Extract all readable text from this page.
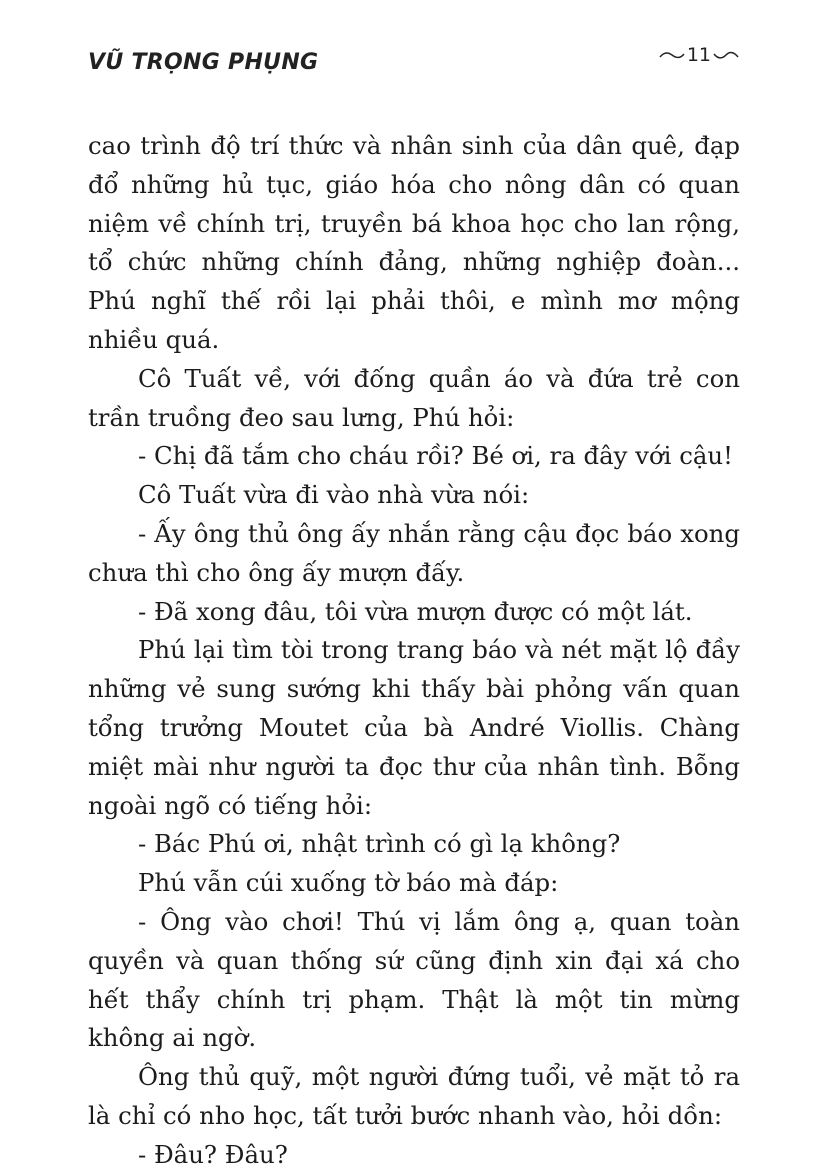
VŨ TRỌNG PHỤNG	11

cao trình độ trí thức và nhân sinh của dân quê, đạp đổ những hủ tục, giáo hóa cho nông dân có quan niệm về chính trị, truyền bá khoa học cho lan rộng, tổ chức những chính đảng, những nghiệp đoàn... Phú nghĩ thế rồi lại phải thôi, e mình mơ mộng nhiều quá.

Cô Tuất về, với đống quần áo và đứa trẻ con trần truồng đeo sau lưng, Phú hỏi:

- Chị đã tắm cho cháu rồi? Bé ơi, ra đây với cậu!

Cô Tuất vừa đi vào nhà vừa nói:

- Ấy ông thủ ông ấy nhắn rằng cậu đọc báo xong chưa thì cho ông ấy mượn đấy.

- Đã xong đâu, tôi vừa mượn được có một lát.

Phú lại tìm tòi trong trang báo và nét mặt lộ đầy những vẻ sung sướng khi thấy bài phỏng vấn quan tổng trưởng Moutet của bà André Viollis. Chàng miệt mài như người ta đọc thư của nhân tình. Bỗng ngoài ngõ có tiếng hỏi:

- Bác Phú ơi, nhật trình có gì lạ không?

Phú vẫn cúi xuống tờ báo mà đáp:

- Ông vào chơi! Thú vị lắm ông ạ, quan toàn quyền và quan thống sứ cũng định xin đại xá cho hết thẩy chính trị phạm. Thật là một tin mừng không ai ngờ.

Ông thủ quỹ, một người đứng tuổi, vẻ mặt tỏ ra là chỉ có nho học, tất tưởi bước nhanh vào, hỏi dồn:

- Đâu? Đâu?
